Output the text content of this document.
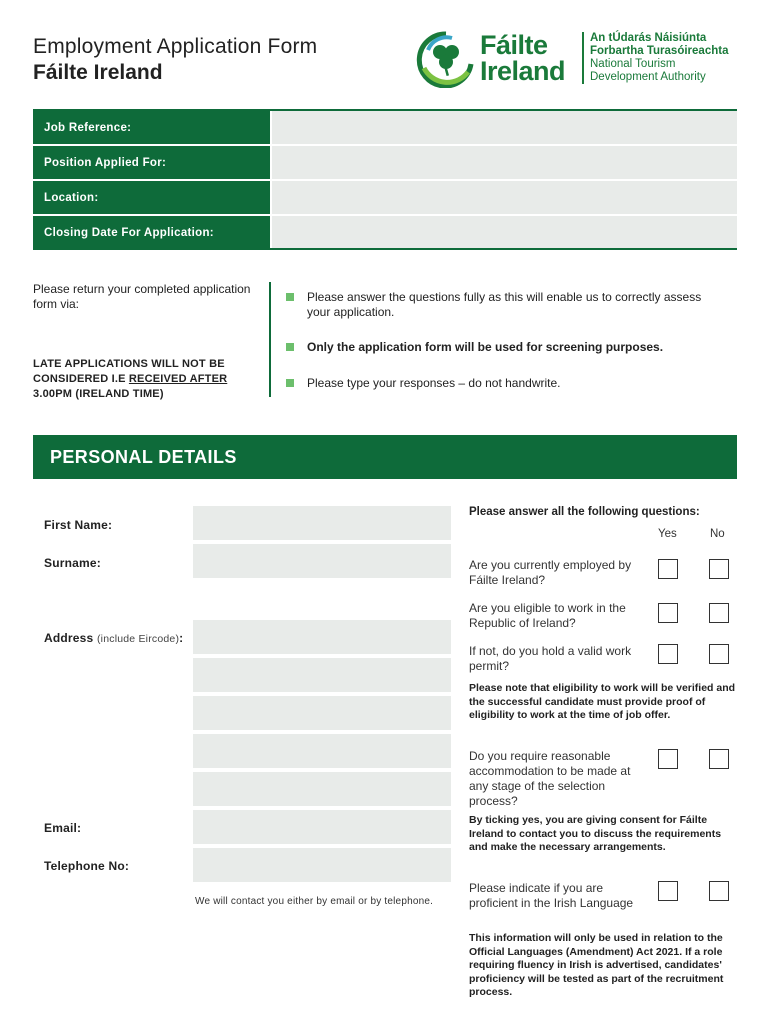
Employment Application Form
Fáilte Ireland
Fáilte
Ireland
An tÚdarás Náisiúnta
Forbartha Turasóireachta
National Tourism
Development Authority
Job Reference:
Position Applied For:
Location:
Closing Date For Application:
Please return your completed application form via:
LATE APPLICATIONS WILL NOT BE CONSIDERED I.E RECEIVED AFTER 3.00PM (IRELAND TIME)
Please answer the questions fully as this will enable us to correctly assess your application.
Only the application form will be used for screening purposes.
Please type your responses – do not handwrite.
PERSONAL DETAILS
First Name:
Surname:
Address (include Eircode):
Email:
Telephone No:
We will contact you either by email or by telephone.
Please answer all the following questions:
Yes	No
Are you currently employed by Fáilte Ireland?
Are you eligible to work in the Republic of Ireland?
If not, do you hold a valid work permit?
Please note that eligibility to work will be verified and the successful candidate must provide proof of eligibility to work at the time of job offer.
Do you require reasonable accommodation to be made at any stage of the selection process?
By ticking yes, you are giving consent for Fáilte Ireland to contact you to discuss the requirements and make the necessary arrangements.
Please indicate if you are proficient in the Irish Language
This information will only be used in relation to the Official Languages (Amendment) Act 2021. If a role requiring fluency in Irish is advertised, candidates' proficiency will be tested as part of the recruitment process.
